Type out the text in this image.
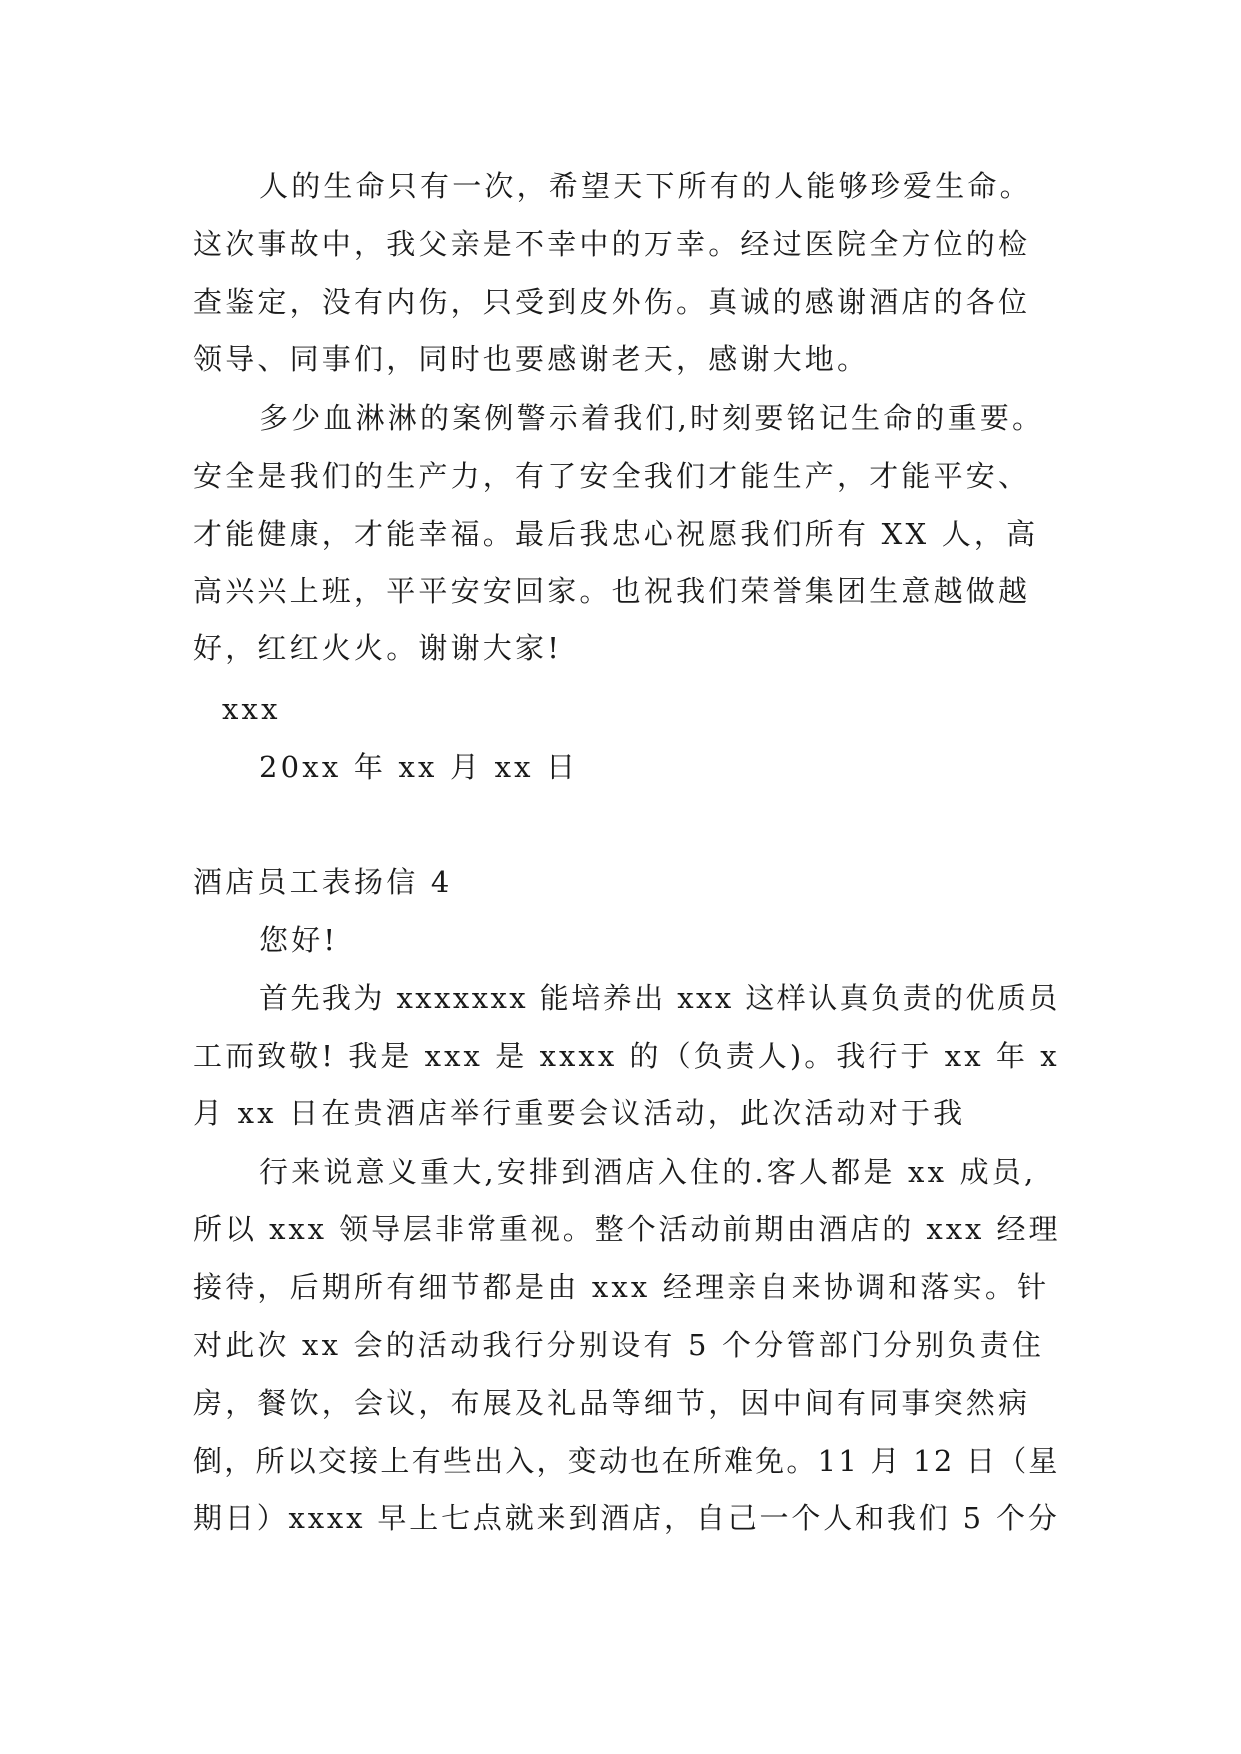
人的生命只有一次，希望天下所有的人能够珍爱生命。
这次事故中，我父亲是不幸中的万幸。经过医院全方位的检
查鉴定，没有内伤，只受到皮外伤。真诚的感谢酒店的各位
领导、同事们，同时也要感谢老天，感谢大地。
多少血淋淋的案例警示着我们,时刻要铭记生命的重要。
安全是我们的生产力，有了安全我们才能生产，才能平安、
才能健康，才能幸福。最后我忠心祝愿我们所有 XX 人，高
高兴兴上班，平平安安回家。也祝我们荣誉集团生意越做越
好，红红火火。谢谢大家!
xxx
20xx 年 xx 月 xx 日
酒店员工表扬信 4
您好!
首先我为 xxxxxxx 能培养出 xxx 这样认真负责的优质员
工而致敬! 我是 xxx 是 xxxx 的（负责人)。我行于 xx 年 x
月 xx 日在贵酒店举行重要会议活动，此次活动对于我
行来说意义重大,安排到酒店入住的.客人都是 xx 成员,
所以 xxx 领导层非常重视。整个活动前期由酒店的 xxx 经理
接待，后期所有细节都是由 xxx 经理亲自来协调和落实。针
对此次 xx 会的活动我行分别设有 5 个分管部门分别负责住
房，餐饮，会议，布展及礼品等细节，因中间有同事突然病
倒，所以交接上有些出入，变动也在所难免。11 月 12 日（星
期日）xxxx 早上七点就来到酒店，自己一个人和我们 5 个分
